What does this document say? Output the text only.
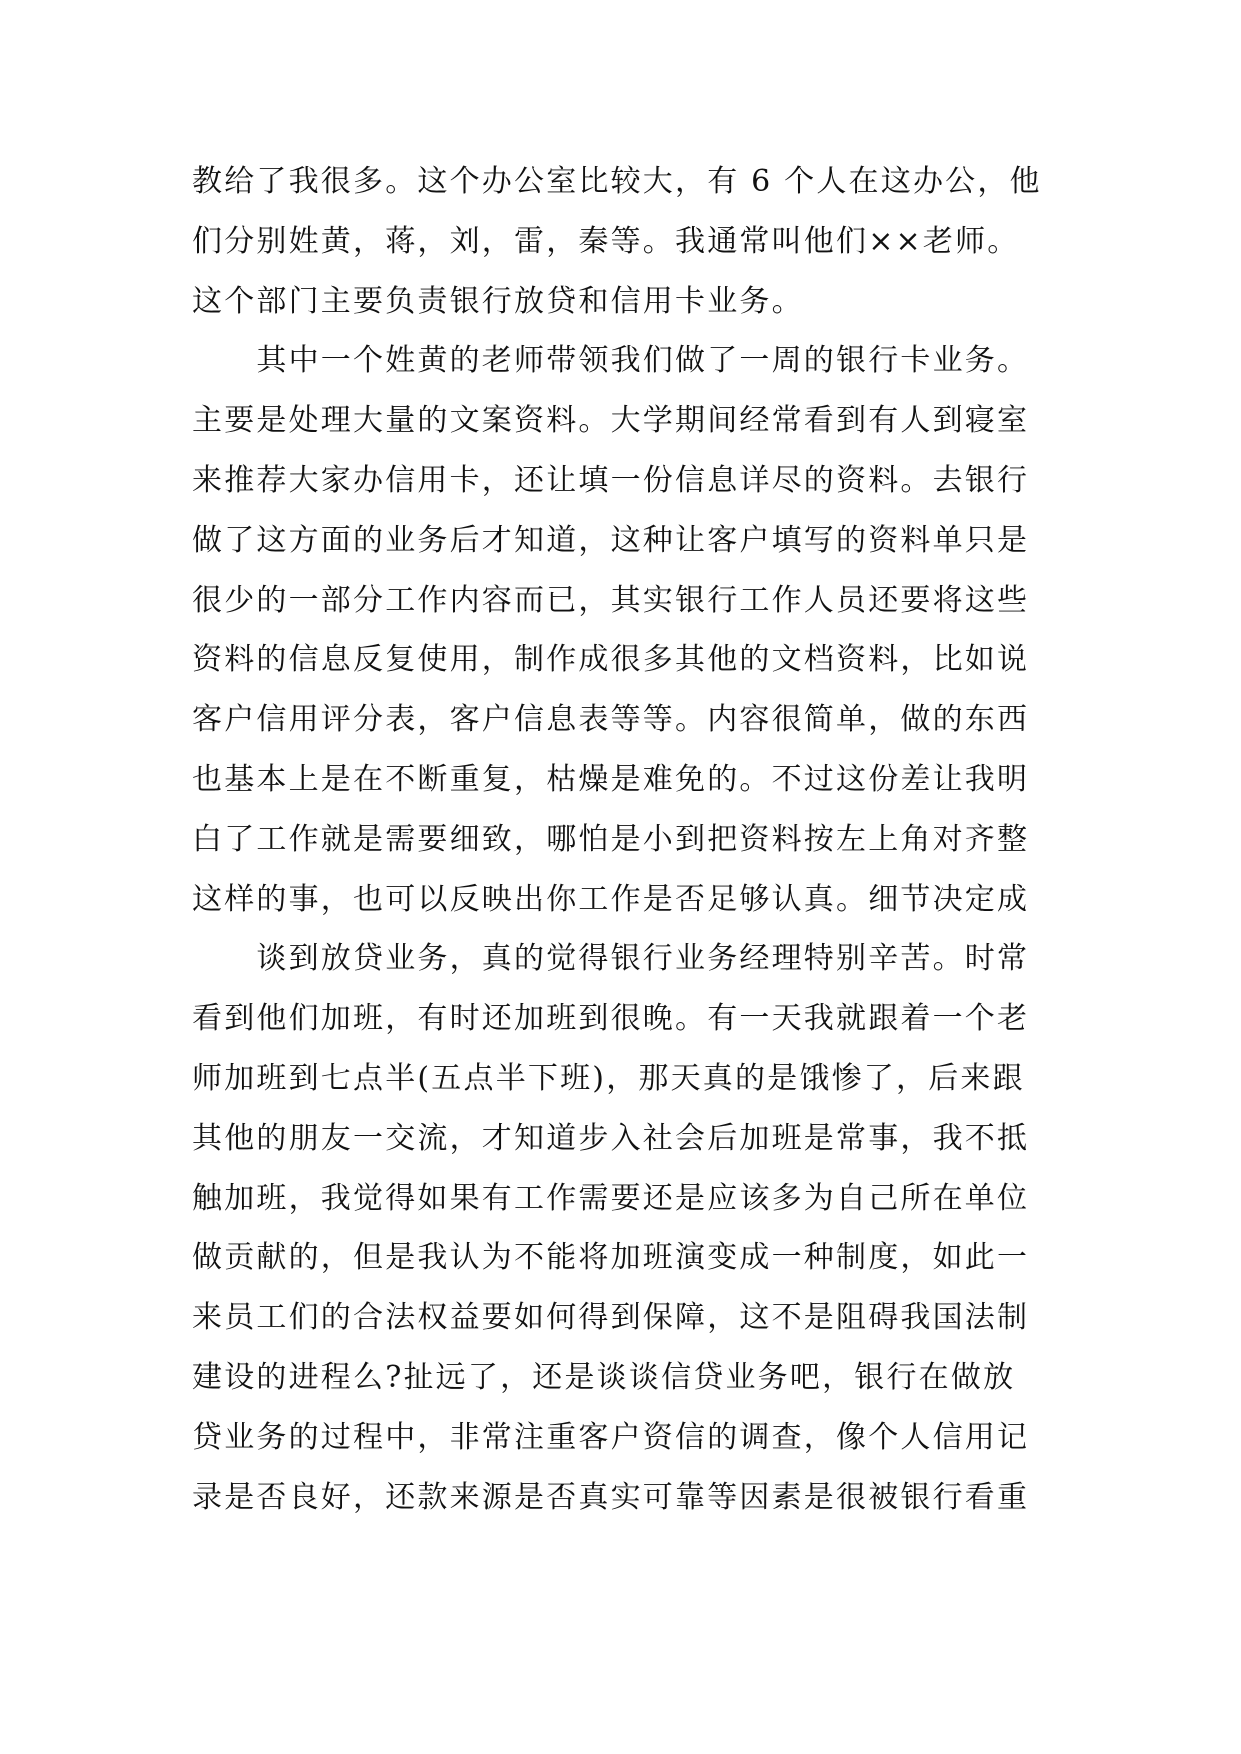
教给了我很多。这个办公室比较大，有 6 个人在这办公，他
们分别姓黄，蒋，刘，雷，秦等。我通常叫他们××老师。
这个部门主要负责银行放贷和信用卡业务。
　　其中一个姓黄的老师带领我们做了一周的银行卡业务。
主要是处理大量的文案资料。大学期间经常看到有人到寝室
来推荐大家办信用卡，还让填一份信息详尽的资料。去银行
做了这方面的业务后才知道，这种让客户填写的资料单只是
很少的一部分工作内容而已，其实银行工作人员还要将这些
资料的信息反复使用，制作成很多其他的文档资料，比如说
客户信用评分表，客户信息表等等。内容很简单，做的东西
也基本上是在不断重复，枯燥是难免的。不过这份差让我明
白了工作就是需要细致，哪怕是小到把资料按左上角对齐整
这样的事，也可以反映出你工作是否足够认真。细节决定成
　　谈到放贷业务，真的觉得银行业务经理特别辛苦。时常
看到他们加班，有时还加班到很晚。有一天我就跟着一个老
师加班到七点半(五点半下班)，那天真的是饿惨了，后来跟
其他的朋友一交流，才知道步入社会后加班是常事，我不抵
触加班，我觉得如果有工作需要还是应该多为自己所在单位
做贡献的，但是我认为不能将加班演变成一种制度，如此一
来员工们的合法权益要如何得到保障，这不是阻碍我国法制
建设的进程么?扯远了，还是谈谈信贷业务吧，银行在做放
贷业务的过程中，非常注重客户资信的调查，像个人信用记
录是否良好，还款来源是否真实可靠等因素是很被银行看重
